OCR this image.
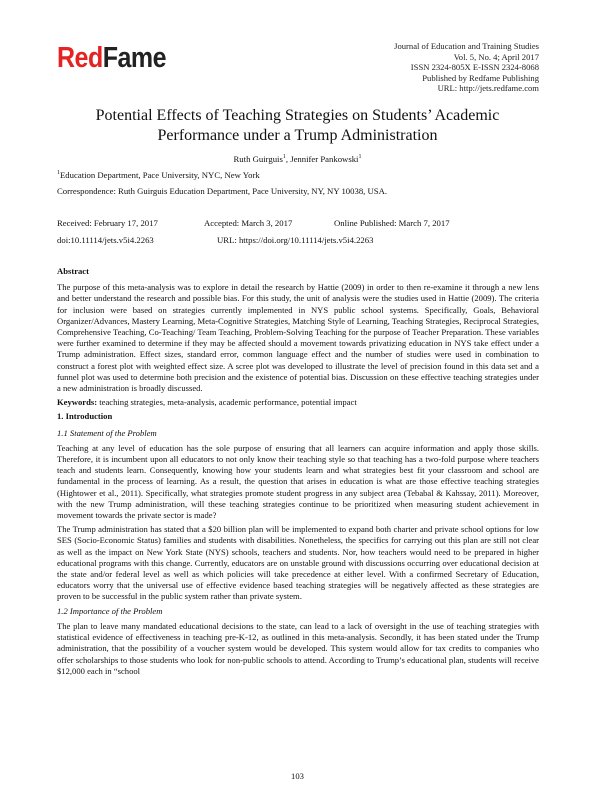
RedFame	Journal of Education and Training Studies
Vol. 5, No. 4; April 2017
ISSN 2324-805X E-ISSN 2324-8068
Published by Redfame Publishing
URL: http://jets.redfame.com
Potential Effects of Teaching Strategies on Students’ Academic
Performance under a Trump Administration
Ruth Guirguis$^1$, Jennifer Pankowski$^1$
$^1$Education Department, Pace University, NYC, New York
Correspondence: Ruth Guirguis Education Department, Pace University, NY, NY 10038, USA.
Received: February 17, 2017	Accepted: March 3, 2017	Online Published: March 7, 2017
doi:10.11114/jets.v5i4.2263	URL: https://doi.org/10.11114/jets.v5i4.2263

Abstract

The purpose of this meta-analysis was to explore in detail the research by Hattie (2009) in order to then re-examine it through a new lens and better understand the research and possible bias. For this study, the unit of analysis were the studies used in Hattie (2009). The criteria for inclusion were based on strategies currently implemented in NYS public school systems. Specifically, Goals, Behavioral Organizer/Advances, Mastery Learning, Meta-Cognitive Strategies, Matching Style of Learning, Teaching Strategies, Reciprocal Strategies, Comprehensive Teaching, Co-Teaching/ Team Teaching, Problem-Solving Teaching for the purpose of Teacher Preparation. These variables were further examined to determine if they may be affected should a movement towards privatizing education in NYS take effect under a Trump administration. Effect sizes, standard error, common language effect and the number of studies were used in combination to construct a forest plot with weighted effect size. A scree plot was developed to illustrate the level of precision found in this data set and a funnel plot was used to determine both precision and the existence of potential bias. Discussion on these effective teaching strategies under a new administration is broadly discussed.

Keywords: teaching strategies, meta-analysis, academic performance, potential impact

1. Introduction

1.1 Statement of the Problem

Teaching at any level of education has the sole purpose of ensuring that all learners can acquire information and apply those skills. Therefore, it is incumbent upon all educators to not only know their teaching style so that teaching has a two-fold purpose where teachers teach and students learn. Consequently, knowing how your students learn and what strategies best fit your classroom and school are fundamental in the process of learning. As a result, the question that arises in education is what are those effective teaching strategies (Hightower et al., 2011). Specifically, what strategies promote student progress in any subject area (Tebabal & Kahssay, 2011). Moreover, with the new Trump administration, will these teaching strategies continue to be prioritized when measuring student achievement in movement towards the private sector is made?

The Trump administration has stated that a $20 billion plan will be implemented to expand both charter and private school options for low SES (Socio-Economic Status) families and students with disabilities. Nonetheless, the specifics for carrying out this plan are still not clear as well as the impact on New York State (NYS) schools, teachers and students. Nor, how teachers would need to be prepared in higher educational programs with this change. Currently, educators are on unstable ground with discussions occurring over educational decision at the state and/or federal level as well as which policies will take precedence at either level. With a confirmed Secretary of Education, educators worry that the universal use of effective evidence based teaching strategies will be negatively affected as these strategies are proven to be successful in the public system rather than private system.

1.2 Importance of the Problem

The plan to leave many mandated educational decisions to the state, can lead to a lack of oversight in the use of teaching strategies with statistical evidence of effectiveness in teaching pre-K-12, as outlined in this meta-analysis. Secondly, it has been stated under the Trump administration, that the possibility of a voucher system would be developed. This system would allow for tax credits to companies who offer scholarships to those students who look for non-public schools to attend. According to Trump’s educational plan, students will receive $12,000 each in “school

103
